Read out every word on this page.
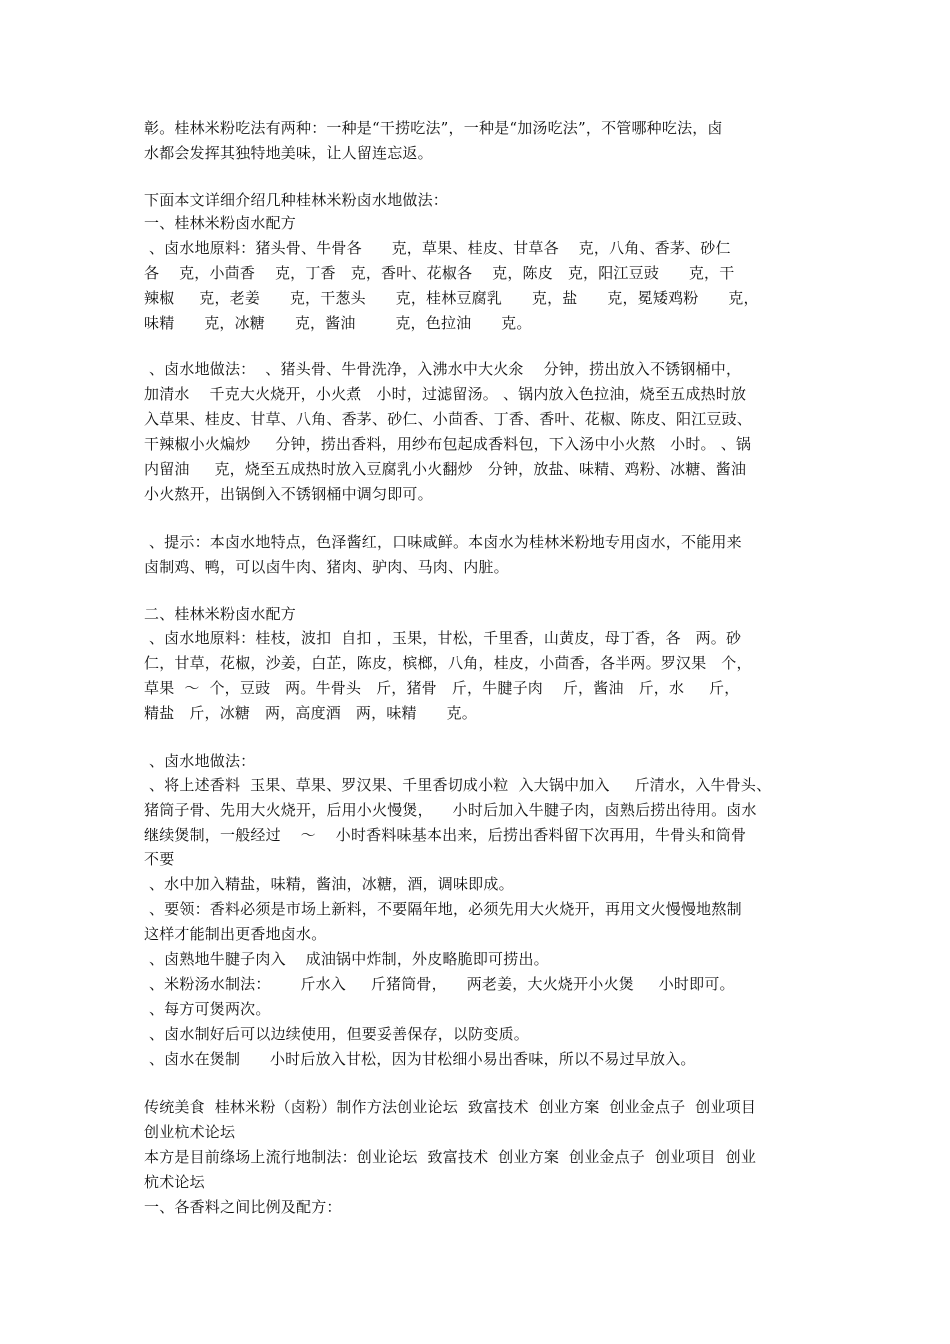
彰。桂林米粉吃法有两种：一种是“干捞吃法”，一种是“加汤吃法”，不管哪种吃法，卤
水都会发挥其独特地美味，让人留连忘返。
下面本文详细介绍几种桂林米粉卤水地做法：
一、桂林米粉卤水配方
、卤水地原料：猪头骨、牛骨各      克，草果、桂皮、甘草各    克，八角、香茅、砂仁
各    克，小茴香    克，丁香   克，香叶、花椒各    克，陈皮   克，阳江豆豉      克，干
辣椒     克，老姜      克，干葱头      克，桂林豆腐乳      克，盐      克，冕矮鸡粉      克，
味精      克，冰糖      克，酱油        克，色拉油      克。
、卤水地做法：  、猪头骨、牛骨洗净，入沸水中大火氽    分钟，捞出放入不锈钢桶中，
加清水    千克大火烧开，小火煮   小时，过滤留汤。 、锅内放入色拉油，烧至五成热时放
入草果、桂皮、甘草、八角、香茅、砂仁、小茴香、丁香、香叶、花椒、陈皮、阳江豆豉、
干辣椒小火煸炒     分钟，捞出香料，用纱布包起成香料包，下入汤中小火熬   小时。 、锅
内留油     克，烧至五成热时放入豆腐乳小火翻炒   分钟，放盐、味精、鸡粉、冰糖、酱油
小火熬开，出锅倒入不锈钢桶中调匀即可。
、提示：本卤水地特点，色泽酱红，口味咸鲜。本卤水为桂林米粉地专用卤水，不能用来
卤制鸡、鸭，可以卤牛肉、猪肉、驴肉、马肉、内脏。
二、桂林米粉卤水配方
、卤水地原料：桂枝，波扣  自扣 ，玉果，甘松，千里香，山黄皮，母丁香，各   两。砂
仁，甘草，花椒，沙姜，白芷，陈皮，槟榔，八角，桂皮，小茴香，各半两。罗汉果   个，
草果  ～  个，豆豉   两。牛骨头   斤，猪骨   斤，牛腱子肉    斤，酱油   斤，水     斤，
精盐   斤，冰糖   两，高度酒   两，味精      克。
、卤水地做法：
、将上述香料  玉果、草果、罗汉果、千里香切成小粒  入大锅中加入     斤清水，入牛骨头、
猪筒子骨、先用大火烧开，后用小火慢煲，    小时后加入牛腱子肉，卤熟后捞出待用。卤水
继续煲制，一般经过    ～    小时香料味基本出来，后捞出香料留下次再用，牛骨头和筒骨
不要
、水中加入精盐，味精，酱油，冰糖，酒，调味即成。
、要领：香料必须是市场上新料，不要隔年地，必须先用大火烧开，再用文火慢慢地熬制
这样才能制出更香地卤水。
、卤熟地牛腱子肉入    成油锅中炸制，外皮略脆即可捞出。
、米粉汤水制法：      斤水入     斤猪筒骨，    两老姜，大火烧开小火煲     小时即可。
、每方可煲两次。
、卤水制好后可以边续使用，但要妥善保存，以防变质。
、卤水在煲制      小时后放入甘松，因为甘松细小易出香味，所以不易过早放入。
传统美食  桂林米粉（卤粉）制作方法创业论坛  致富技术  创业方案  创业金点子  创业项目
创业杭术论坛
本方是目前绦场上流行地制法：创业论坛  致富技术  创业方案  创业金点子  创业项目  创业
杭术论坛
一、各香料之间比例及配方：
